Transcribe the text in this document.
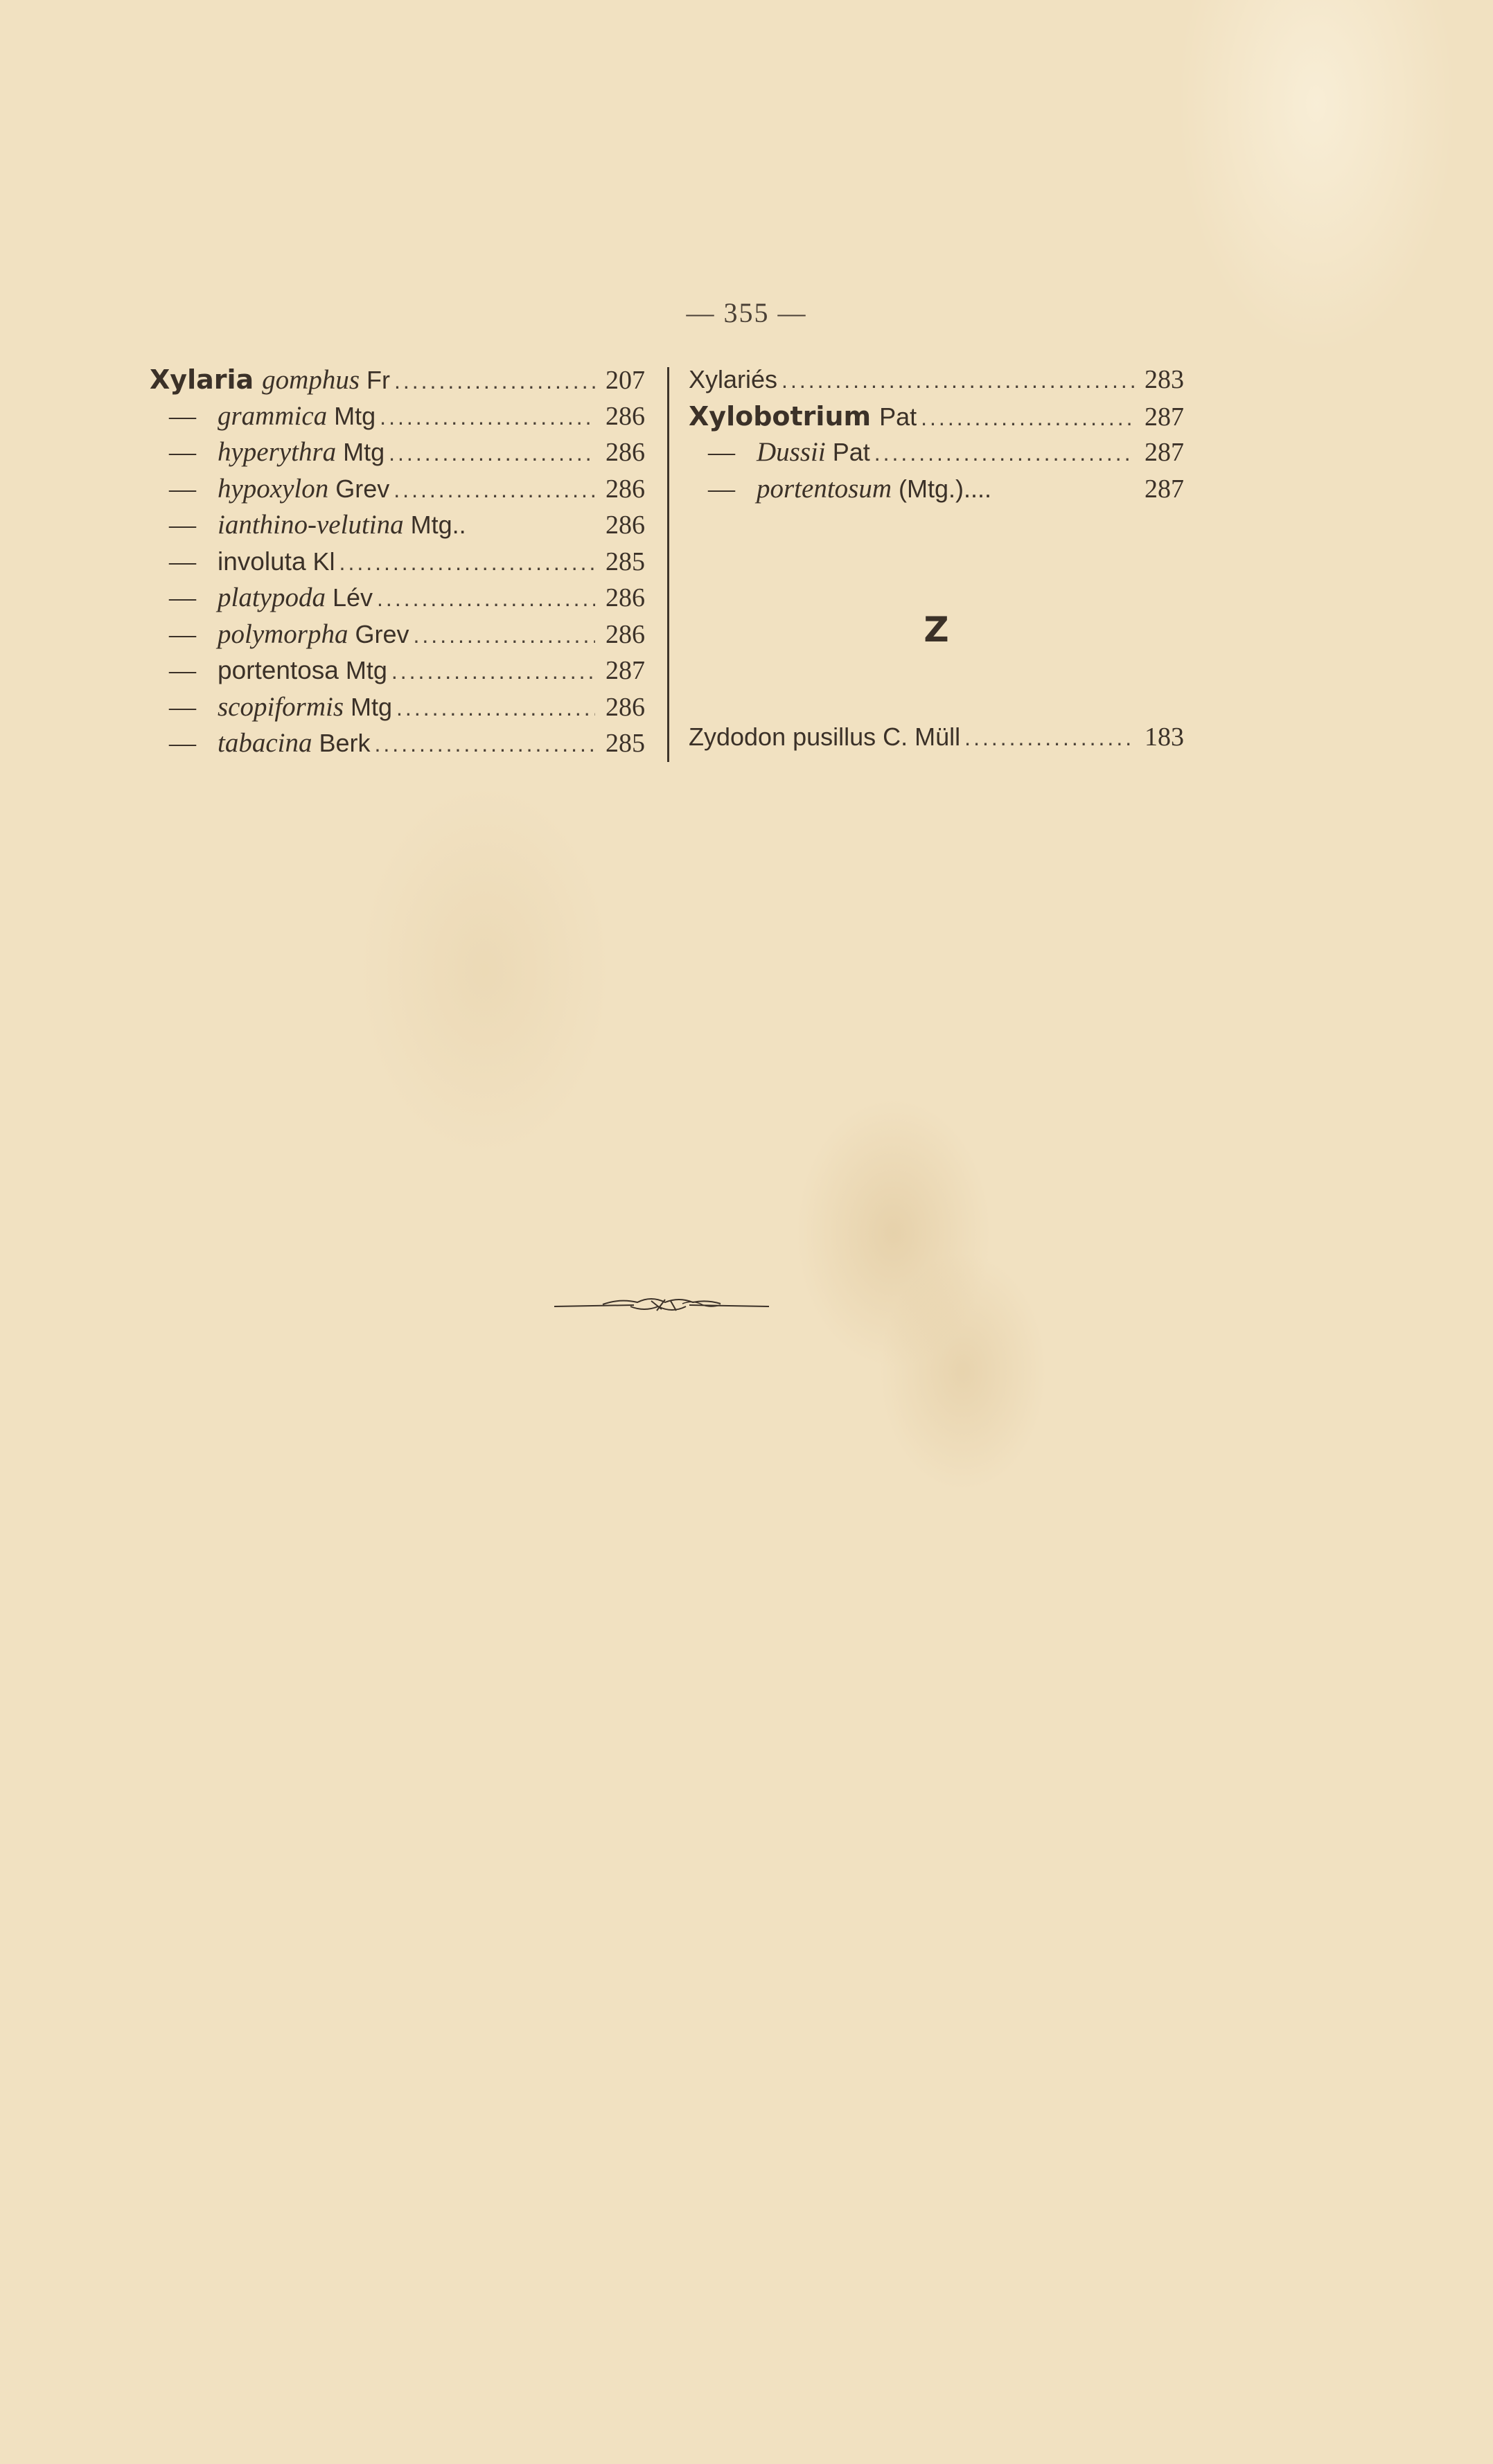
— 355 —
Xylaria gomphus Fr .....	207
— grammica Mtg .....	286
— hyperythra Mtg .....	286
— hypoxylon Grev .....	286
— ianthino-velutina Mtg..	286
— involuta Kl .....	285
— platypoda Lév .....	286
— polymorpha Grev .....	286
— portentosa Mtg .....	287
— scopiformis Mtg .....	286
— tabacina Berk .....	285
Xylariés .....	283
Xylobotrium Pat .....	287
— Dussii Pat .....	287
— portentosum (Mtg.)....	287
Z
Zydodon pusillus C. Müll .....	183
